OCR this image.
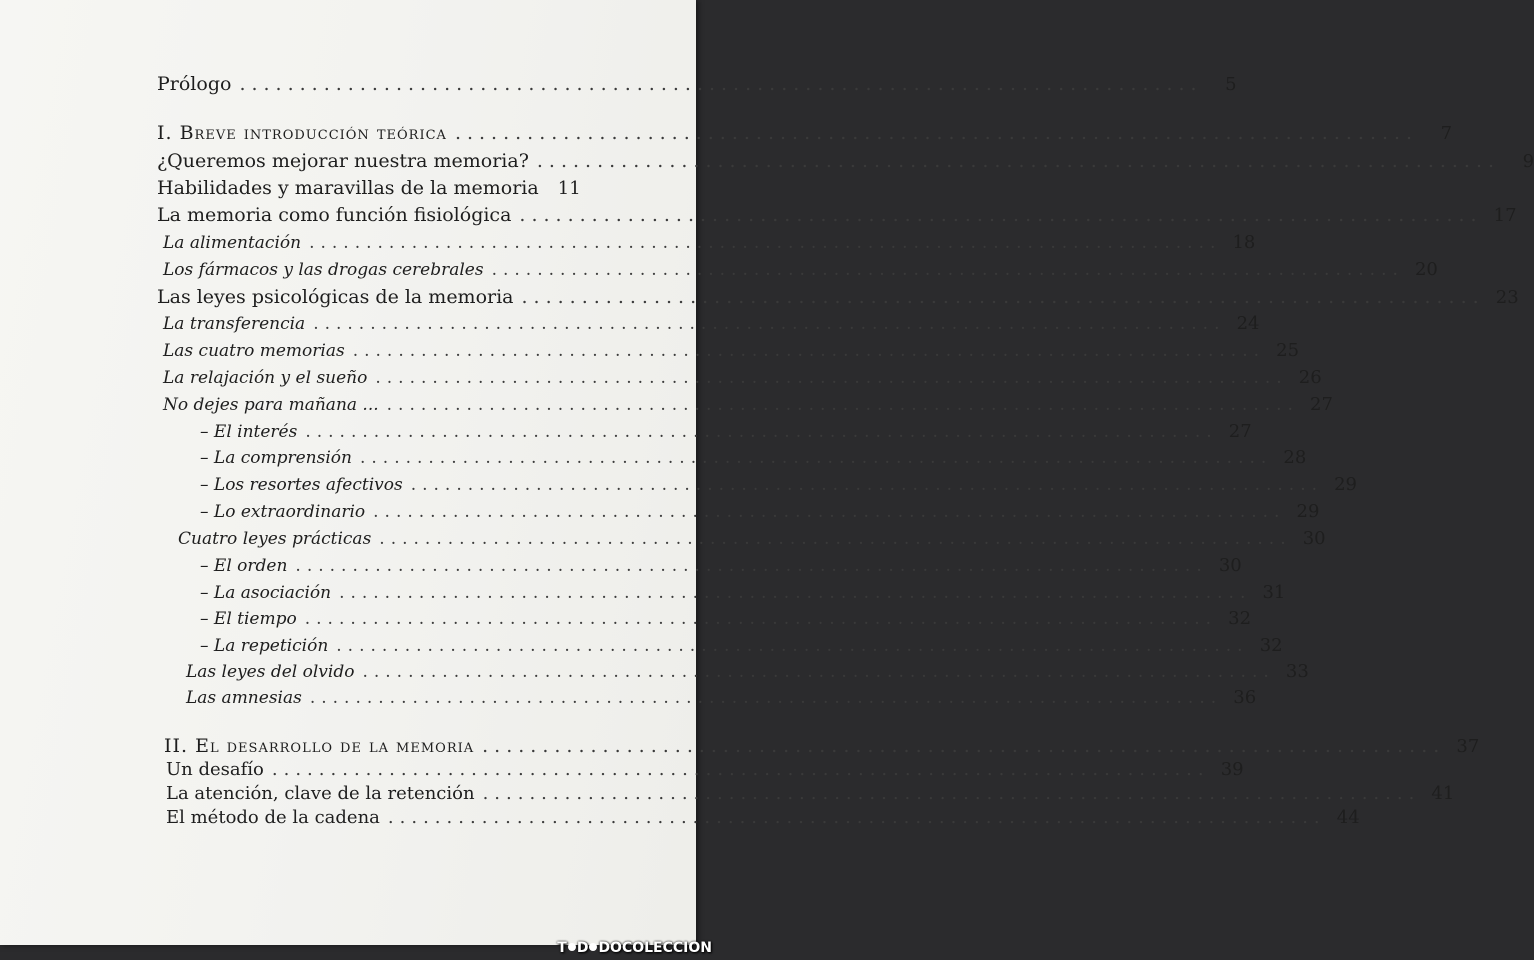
Prólogo ................................................................................	5
I. Breve introducción teórica ................................................................................	7
¿Queremos mejorar nuestra memoria? ................................................................................	9
Habilidades y maravillas de la memoria 11
La memoria como función fisiológica ................................................................................ 17
La alimentación ................................................................................ 18
Los fármacos y las drogas cerebrales ................................................................................ 20
Las leyes psicológicas de la memoria ................................................................................ 23
La transferencia ................................................................................ 24
Las cuatro memorias ................................................................................ 25
La relajación y el sueño ................................................................................ 26
No dejes para mañana ... ................................................................................ 27
– El interés ................................................................................ 27
– La comprensión ................................................................................ 28
– Los resortes afectivos ................................................................................ 29
– Lo extraordinario ................................................................................ 29
Cuatro leyes prácticas ................................................................................ 30
– El orden ................................................................................ 30
– La asociación ................................................................................ 31
– El tiempo ................................................................................ 32
– La repetición ................................................................................ 32
Las leyes del olvido ................................................................................ 33
Las amnesias ................................................................................ 36
II. El desarrollo de la memoria ................................................................................ 37
Un desafío ................................................................................ 39
La atención, clave de la retención ................................................................................ 41
El método de la cadena ................................................................................ 44
T D DOCOLECCION
